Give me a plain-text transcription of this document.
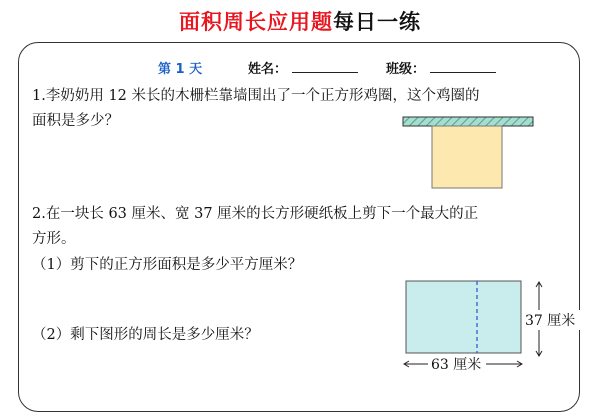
面积周长应用题每日一练
第 1 天	姓名：	班级：

1.李奶奶用 12 米长的木栅栏靠墙围出了一个正方形鸡圈，这个鸡圈的

面积是多少？

2.在一块长 63 厘米、宽 37 厘米的长方形硬纸板上剪下一个最大的正

方形。

（1）剪下的正方形面积是多少平方厘米？

（2）剩下图形的周长是多少厘米？

63 厘米
37 厘米
